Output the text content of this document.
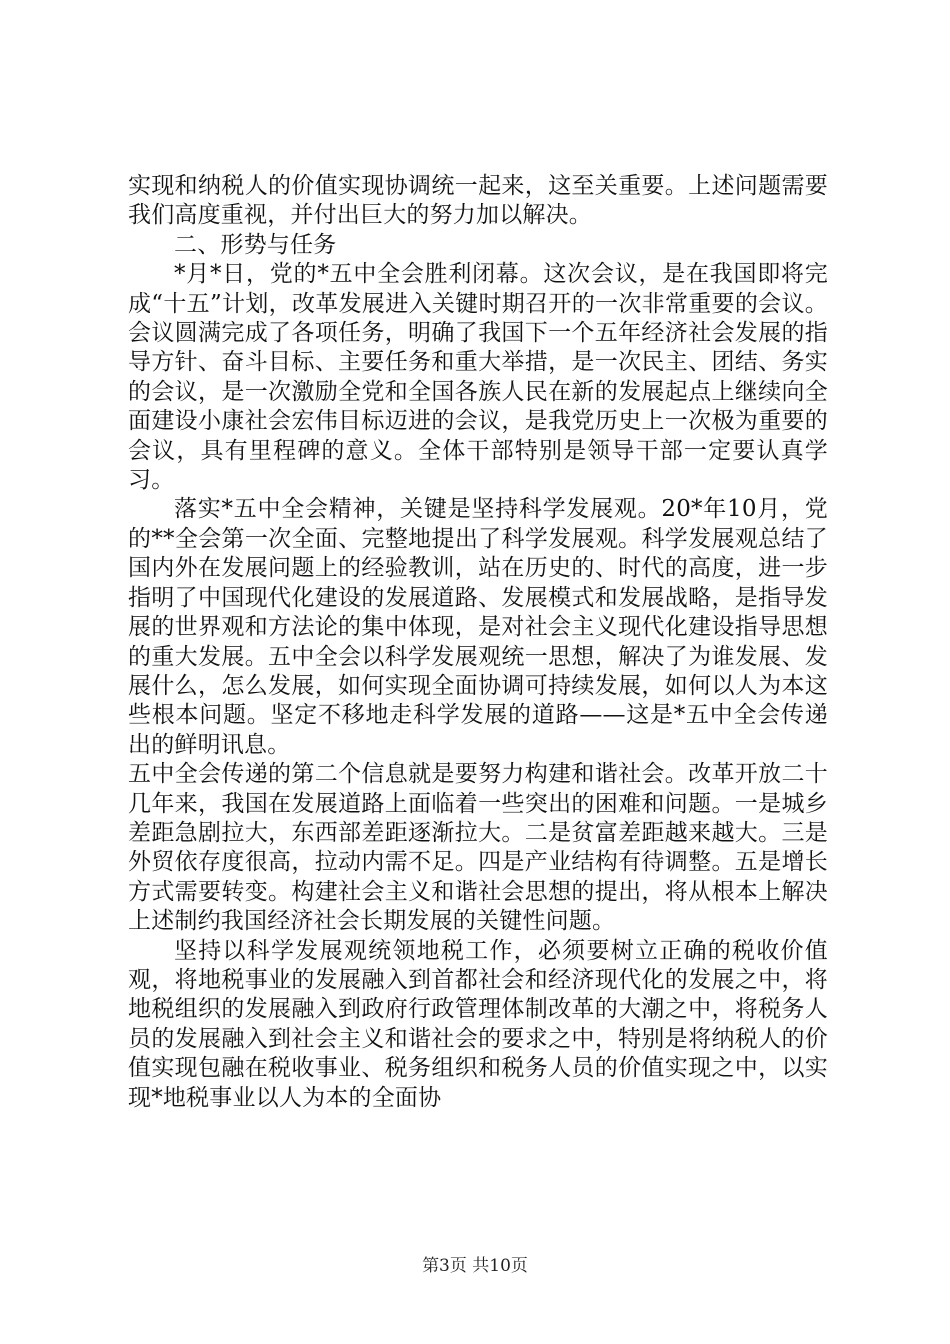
实现和纳税人的价值实现协调统一起来，这至关重要。上述问题需要我们高度重视，并付出巨大的努力加以解决。

二、形势与任务

*月*日，党的*五中全会胜利闭幕。这次会议，是在我国即将完成“十五”计划，改革发展进入关键时期召开的一次非常重要的会议。会议圆满完成了各项任务，明确了我国下一个五年经济社会发展的指导方针、奋斗目标、主要任务和重大举措，是一次民主、团结、务实的会议，是一次激励全党和全国各族人民在新的发展起点上继续向全面建设小康社会宏伟目标迈进的会议，是我党历史上一次极为重要的会议，具有里程碑的意义。全体干部特别是领导干部一定要认真学习。

落实*五中全会精神，关键是坚持科学发展观。20*年10月，党的**全会第一次全面、完整地提出了科学发展观。科学发展观总结了国内外在发展问题上的经验教训，站在历史的、时代的高度，进一步指明了中国现代化建设的发展道路、发展模式和发展战略，是指导发展的世界观和方法论的集中体现，是对社会主义现代化建设指导思想的重大发展。五中全会以科学发展观统一思想，解决了为谁发展、发展什么，怎么发展，如何实现全面协调可持续发展，如何以人为本这些根本问题。坚定不移地走科学发展的道路——这是*五中全会传递出的鲜明讯息。

五中全会传递的第二个信息就是要努力构建和谐社会。改革开放二十几年来，我国在发展道路上面临着一些突出的困难和问题。一是城乡差距急剧拉大，东西部差距逐渐拉大。二是贫富差距越来越大。三是外贸依存度很高，拉动内需不足。四是产业结构有待调整。五是增长方式需要转变。构建社会主义和谐社会思想的提出，将从根本上解决上述制约我国经济社会长期发展的关键性问题。

坚持以科学发展观统领地税工作，必须要树立正确的税收价值观，将地税事业的发展融入到首都社会和经济现代化的发展之中，将地税组织的发展融入到政府行政管理体制改革的大潮之中，将税务人员的发展融入到社会主义和谐社会的要求之中，特别是将纳税人的价值实现包融在税收事业、税务组织和税务人员的价值实现之中，以实现*地税事业以人为本的全面协

第3页 共10页
